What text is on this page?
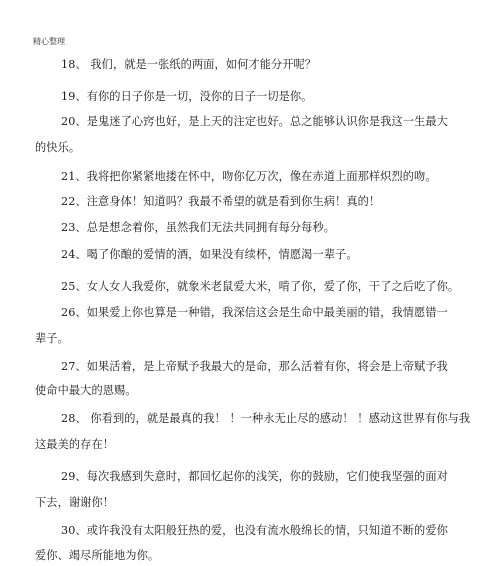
精心整理
18、 我们，就是一张纸的两面，如何才能分开呢？
19、有你的日子你是一切，没你的日子一切是你。
20、是鬼迷了心窍也好，是上天的注定也好。总之能够认识你是我这一生最大
的快乐。
21、我将把你紧紧地搂在怀中，吻你亿万次，像在赤道上面那样炽烈的吻。
22、注意身体！知道吗？我最不希望的就是看到你生病！真的！
23、总是想念着你，虽然我们无法共同拥有每分每秒。
24、喝了你酿的爱情的酒，如果没有续杯，情愿渴一辈子。
25、女人女人我爱你，就象米老鼠爱大米，啃了你，爱了你，干了之后吃了你。
26、如果爱上你也算是一种错，我深信这会是生命中最美丽的错，我情愿错一
辈子。
27、如果活着，是上帝赋予我最大的是命，那么活着有你，将会是上帝赋予我
使命中最大的恩赐。
28、 你看到的，就是最真的我！ ！一种永无止尽的感动！ ！感动这世界有你与我
这最美的存在！
29、每次我感到失意时，都回忆起你的浅笑，你的鼓励，它们使我坚强的面对
下去，谢谢你！
30、或许我没有太阳般狂热的爱，也没有流水般绵长的情，只知道不断的爱你
爱你、竭尽所能地为你。
